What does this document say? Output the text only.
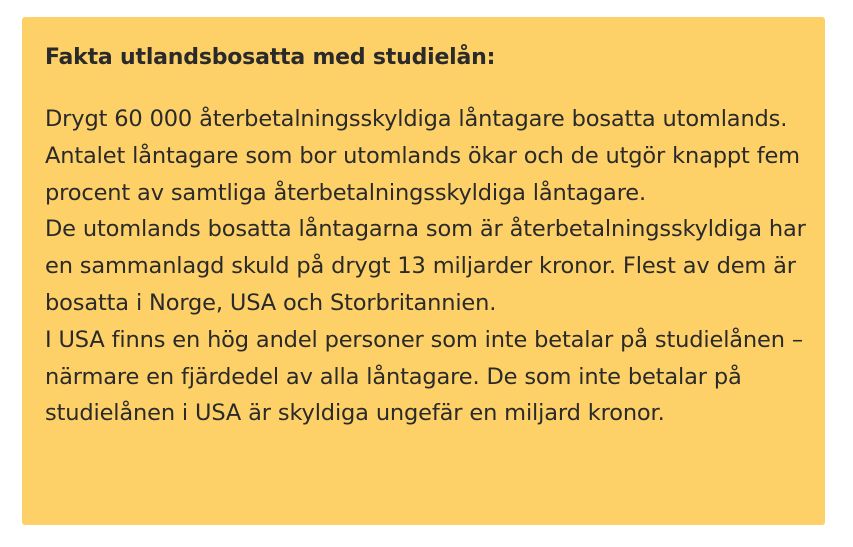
Fakta utlandsbosatta med studielån:

Drygt 60 000 återbetalningsskyldiga låntagare bosatta utomlands. Antalet låntagare som bor utomlands ökar och de utgör knappt fem procent av samtliga återbetalningsskyldiga låntagare.

De utomlands bosatta låntagarna som är återbetalningsskyldiga har en sammanlagd skuld på drygt 13 miljarder kronor. Flest av dem är bosatta i Norge, USA och Storbritannien.

I USA finns en hög andel personer som inte betalar på studielånen – närmare en fjärdedel av alla låntagare. De som inte betalar på studielånen i USA är skyldiga ungefär en miljard kronor.
